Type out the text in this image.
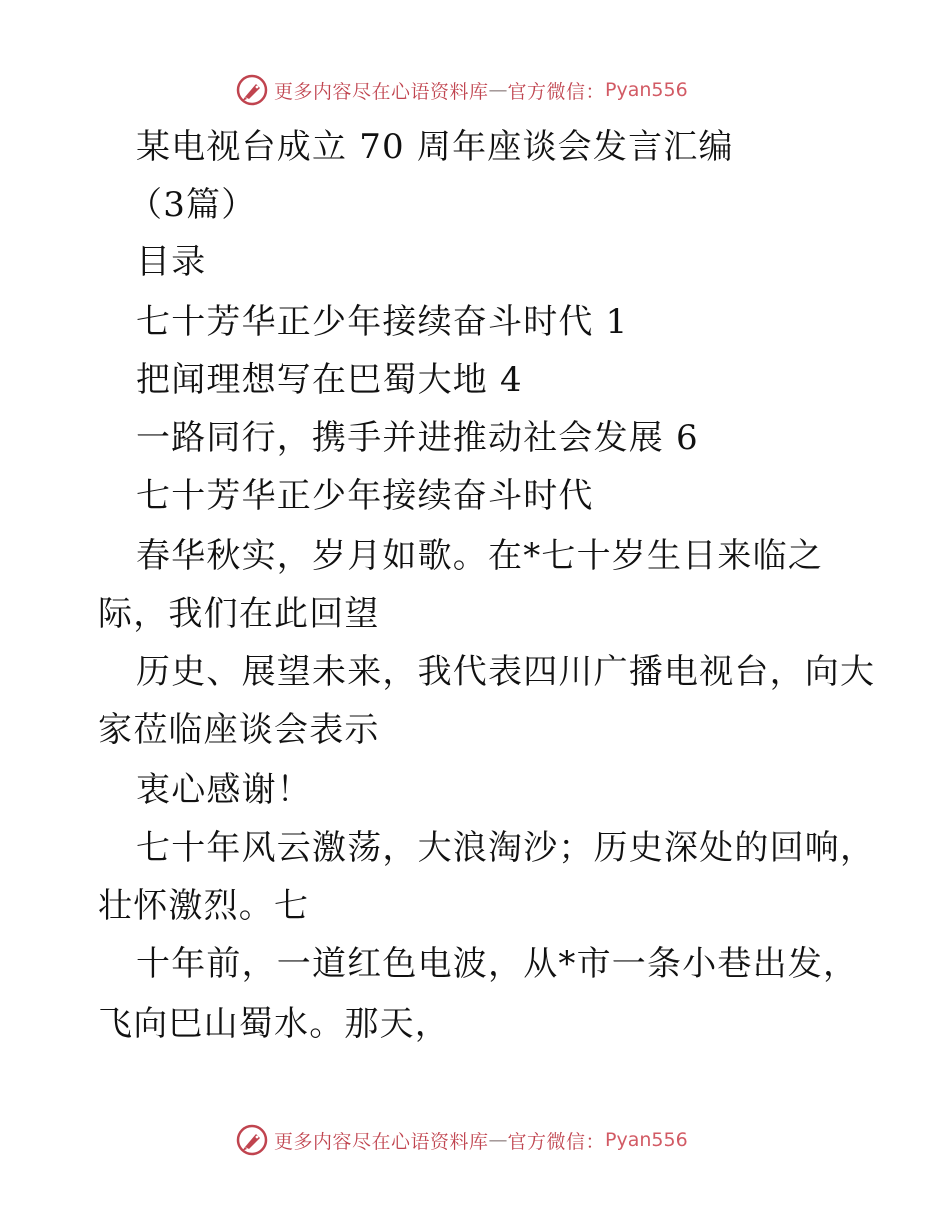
更多内容尽在心语资料库 — 官方微信： Pyan556
某电视台成立 70 周年座谈会发言汇编
（3篇）
目录
七十芳华正少年接续奋斗时代 1
把闻理想写在巴蜀大地 4
一路同行，携手并进推动社会发展 6
七十芳华正少年接续奋斗时代
春华秋实，岁月如歌。在*七十岁生日来临之
际，我们在此回望
历史、展望未来，我代表四川广播电视台，向大
家莅临座谈会表示
衷心感谢！
七十年风云激荡，大浪淘沙；历史深处的回响，
壮怀激烈。七
十年前，一道红色电波，从*市一条小巷出发，
飞向巴山蜀水。那天，
更多内容尽在心语资料库 — 官方微信： Pyan556
